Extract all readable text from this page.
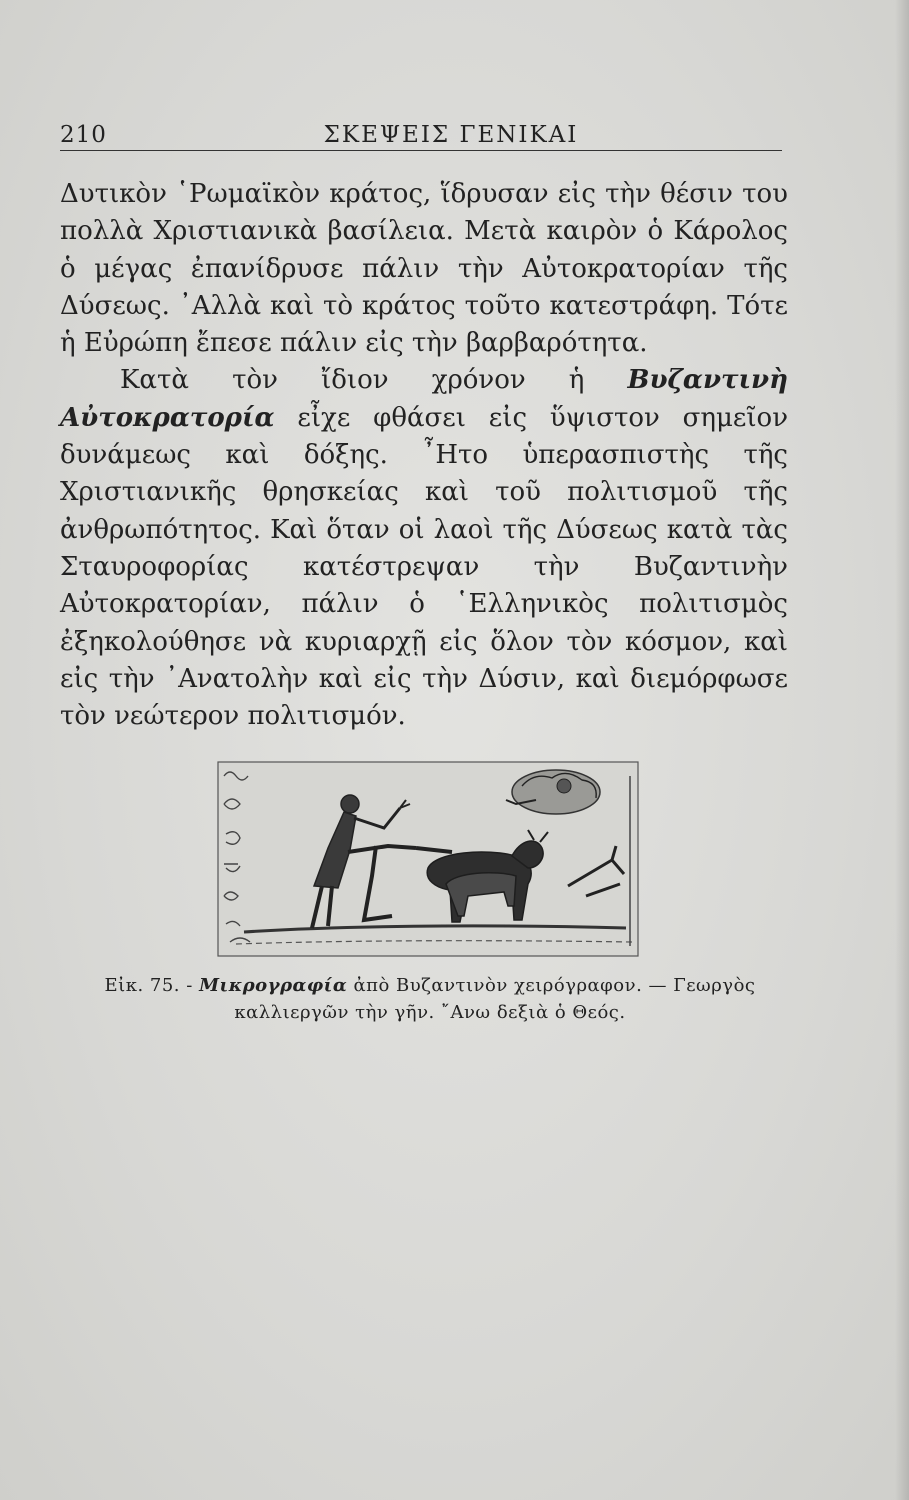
210	ΣΚΕΨΕΙΣ ΓΕΝΙΚΑΙ

Δυτικὸν ῾Ρωμαϊκὸν κράτος, ἵδρυσαν εἰς τὴν θέσιν του πολλὰ Χριστιανικὰ βασίλεια. Μετὰ καιρὸν ὁ Κάρολος ὁ μέγας ἐπανίδρυσε πάλιν τὴν Αὐτοκρατορίαν τῆς Δύσεως. ᾿Αλλὰ καὶ τὸ κράτος τοῦτο κατεστράφη. Τότε ἡ Εὐρώπη ἔπεσε πάλιν εἰς τὴν βαρβαρότητα.

Κατὰ τὸν ἴδιον χρόνον ἡ Βυζαντινὴ Αὐτοκρατορία εἶχε φθάσει εἰς ὕψιστον σημεῖον δυνάμεως καὶ δόξης. ῏Ητο ὑπερασπιστὴς τῆς Χριστιανικῆς θρησκείας καὶ τοῦ πολιτισμοῦ τῆς ἀνθρωπότητος. Καὶ ὅταν οἱ λαοὶ τῆς Δύσεως κατὰ τὰς Σταυροφορίας κατέστρεψαν τὴν Βυζαντινὴν Αὐτοκρατορίαν, πάλιν ὁ ῾Ελληνικὸς πολιτισμὸς ἐξηκολούθησε νὰ κυριαρχῇ εἰς ὅλον τὸν κόσμον, καὶ εἰς τὴν ᾿Ανατολὴν καὶ εἰς τὴν Δύσιν, καὶ διεμόρφωσε τὸν νεώτερον πολιτισμόν.

Εἰκ. 75. - Μικρογραφία ἀπὸ Βυζαντινὸν χειρόγραφον. — Γεωργὸς καλλιεργῶν τὴν γῆν. ῎Ανω δεξιὰ ὁ Θεός.
